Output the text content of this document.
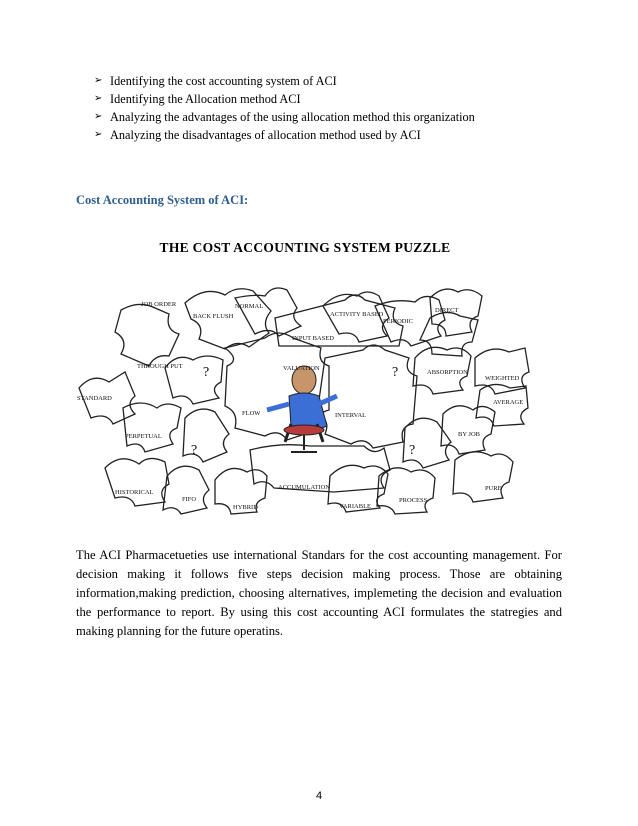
➢ Identifying the cost accounting system of ACI
➢ Identifying the Allocation method ACI
➢ Analyzing the advantages of the using allocation method this organization
➢ Analyzing the disadvantages of allocation method used by ACI
Cost Accounting System of ACI:
THE COST ACCOUNTING SYSTEM PUZZLE
JOB ORDER
BACK FLUSH
NORMAL
INPUT BASED
ACTIVITY BASED
PERIODIC
DIRECT
THROUGH PUT	VALUATION
ABSORPTION
WEIGHTED
STANDARD
AVERAGE
FLOW	INTERVAL
PERPETUAL	BY JOB
ACCUMULATION
HISTORICAL
FIFO
HYBRID	VARIABLE
PROCESS
PURE
?	?
?	?

The ACI Pharmacetueties use international Standars for the cost accounting management. For decision making it follows five steps decision making process. Those are obtaining information,making prediction, choosing alternatives, implemeting the decision and evaluation the performance to report. By using this cost accounting ACI formulates the statregies and making planning for the future operatins.

4
